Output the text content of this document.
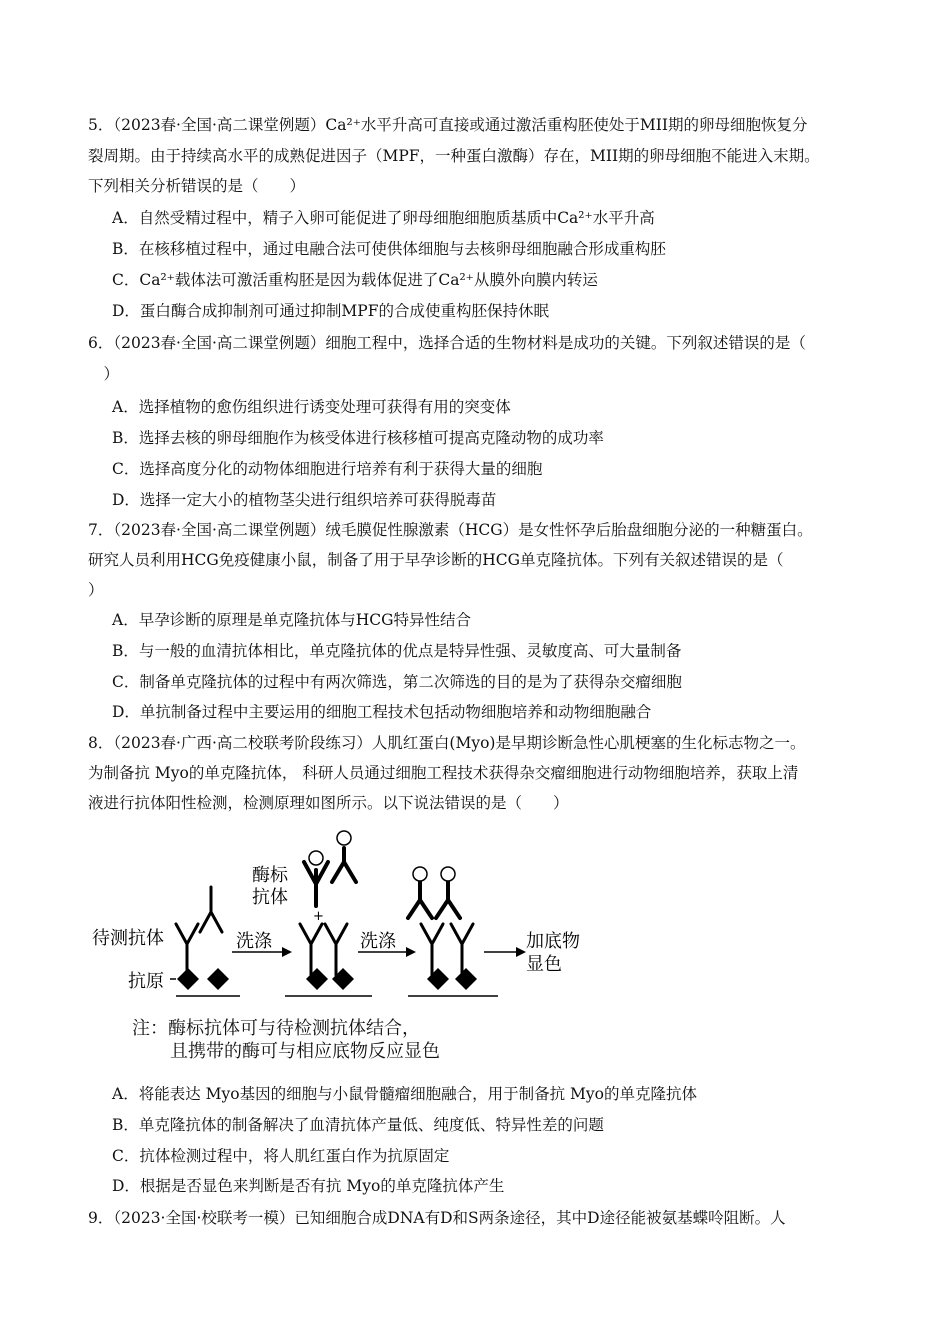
5．（2023春·全国·高二课堂例题）Ca²⁺水平升高可直接或通过激活重构胚使处于MII期的卵母细胞恢复分
裂周期。由于持续高水平的成熟促进因子（MPF，一种蛋白激酶）存在，MII期的卵母细胞不能进入末期。
下列相关分析错误的是（　　）
A．自然受精过程中，精子入卵可能促进了卵母细胞细胞质基质中Ca²⁺水平升高
B．在核移植过程中，通过电融合法可使供体细胞与去核卵母细胞融合形成重构胚
C．Ca²⁺载体法可激活重构胚是因为载体促进了Ca²⁺从膜外向膜内转运
D．蛋白酶合成抑制剂可通过抑制MPF的合成使重构胚保持休眠
6．（2023春·全国·高二课堂例题）细胞工程中，选择合适的生物材料是成功的关键。下列叙述错误的是（
　）
A．选择植物的愈伤组织进行诱变处理可获得有用的突变体
B．选择去核的卵母细胞作为核受体进行核移植可提高克隆动物的成功率
C．选择高度分化的动物体细胞进行培养有利于获得大量的细胞
D．选择一定大小的植物茎尖进行组织培养可获得脱毒苗
7．（2023春·全国·高二课堂例题）绒毛膜促性腺激素（HCG）是女性怀孕后胎盘细胞分泌的一种糖蛋白。
研究人员利用HCG免疫健康小鼠，制备了用于早孕诊断的HCG单克隆抗体。下列有关叙述错误的是（
）
A．早孕诊断的原理是单克隆抗体与HCG特异性结合
B．与一般的血清抗体相比，单克隆抗体的优点是特异性强、灵敏度高、可大量制备
C．制备单克隆抗体的过程中有两次筛选，第二次筛选的目的是为了获得杂交瘤细胞
D．单抗制备过程中主要运用的细胞工程技术包括动物细胞培养和动物细胞融合
8．（2023春·广西·高二校联考阶段练习）人肌红蛋白(Myo)是早期诊断急性心肌梗塞的生化标志物之一。
为制备抗 Myo的单克隆抗体， 科研人员通过细胞工程技术获得杂交瘤细胞进行动物细胞培养，获取上清
液进行抗体阳性检测，检测原理如图所示。以下说法错误的是（　　）
酶标
抗体
+
待测抗体
抗原
洗涤	洗涤	加底物
显色
注：酶标抗体可与待检测抗体结合，
且携带的酶可与相应底物反应显色
A．将能表达 Myo基因的细胞与小鼠骨髓瘤细胞融合，用于制备抗 Myo的单克隆抗体
B．单克隆抗体的制备解决了血清抗体产量低、纯度低、特异性差的问题
C．抗体检测过程中，将人肌红蛋白作为抗原固定
D．根据是否显色来判断是否有抗 Myo的单克隆抗体产生
9．（2023·全国·校联考一模）已知细胞合成DNA有D和S两条途径，其中D途径能被氨基蝶呤阻断。人
